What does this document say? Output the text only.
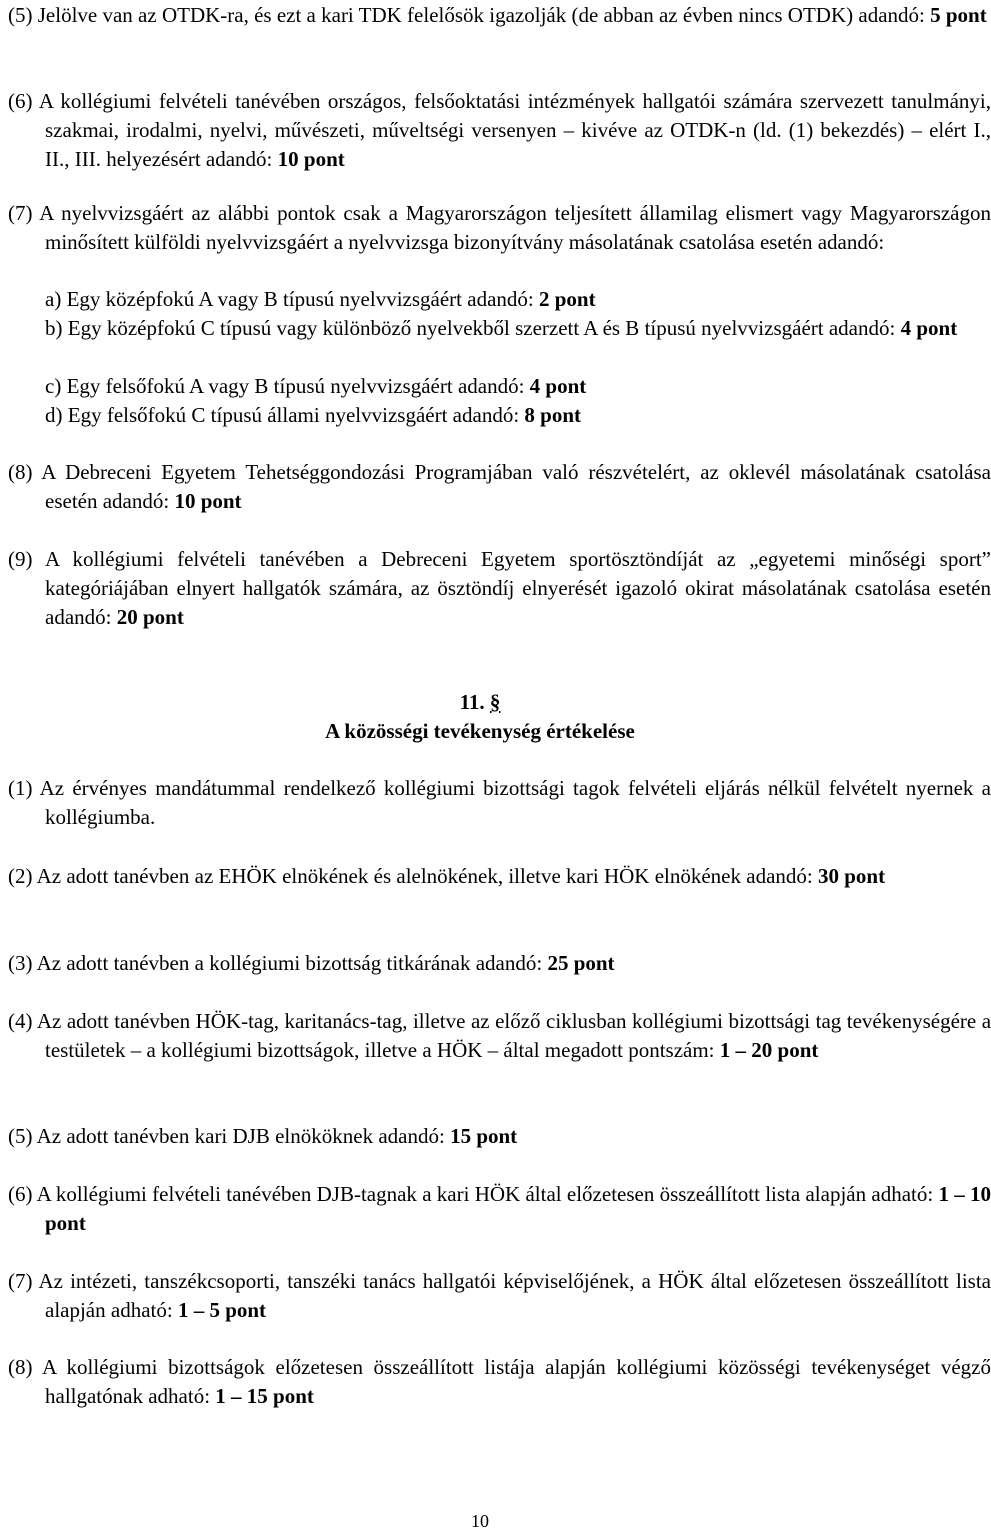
(5) Jelölve van az OTDK-ra, és ezt a kari TDK felelősök igazolják (de abban az évben nincs OTDK) adandó: 5 pont

(6) A kollégiumi felvételi tanévében országos, felsőoktatási intézmények hallgatói számára szervezett tanulmányi, szakmai, irodalmi, nyelvi, művészeti, műveltségi versenyen – kivéve az OTDK-n (ld. (1) bekezdés) – elért I., II., III. helyezésért adandó: 10 pont

(7) A nyelvvizsgáért az alábbi pontok csak a Magyarországon teljesített államilag elismert vagy Magyarországon minősített külföldi nyelvvizsgáért a nyelvvizsga bizonyítvány másolatának csatolása esetén adandó:

a) Egy középfokú A vagy B típusú nyelvvizsgáért adandó: 2 pont

b) Egy középfokú C típusú vagy különböző nyelvekből szerzett A és B típusú nyelvvizsgáért adandó: 4 pont

c) Egy felsőfokú A vagy B típusú nyelvvizsgáért adandó: 4 pont

d) Egy felsőfokú C típusú állami nyelvvizsgáért adandó: 8 pont

(8) A Debreceni Egyetem Tehetséggondozási Programjában való részvételért, az oklevél másolatának csatolása esetén adandó: 10 pont

(9) A kollégiumi felvételi tanévében a Debreceni Egyetem sportösztöndíját az „egyetemi minőségi sport” kategóriájában elnyert hallgatók számára, az ösztöndíj elnyerését igazoló okirat másolatának csatolása esetén adandó: 20 pont

11. §

A közösségi tevékenység értékelése

(1) Az érvényes mandátummal rendelkező kollégiumi bizottsági tagok felvételi eljárás nélkül felvételt nyernek a kollégiumba.

(2) Az adott tanévben az EHÖK elnökének és alelnökének, illetve kari HÖK elnökének adandó: 30 pont

(3) Az adott tanévben a kollégiumi bizottság titkárának adandó: 25 pont

(4) Az adott tanévben HÖK-tag, karitanács-tag, illetve az előző ciklusban kollégiumi bizottsági tag tevékenységére a testületek – a kollégiumi bizottságok, illetve a HÖK – által megadott pontszám: 1 – 20 pont

(5) Az adott tanévben kari DJB elnököknek adandó: 15 pont

(6) A kollégiumi felvételi tanévében DJB-tagnak a kari HÖK által előzetesen összeállított lista alapján adható: 1 – 10 pont

(7) Az intézeti, tanszékcsoporti, tanszéki tanács hallgatói képviselőjének, a HÖK által előzetesen összeállított lista alapján adható: 1 – 5 pont

(8) A kollégiumi bizottságok előzetesen összeállított listája alapján kollégiumi közösségi tevékenységet végző hallgatónak adható: 1 – 15 pont

10
